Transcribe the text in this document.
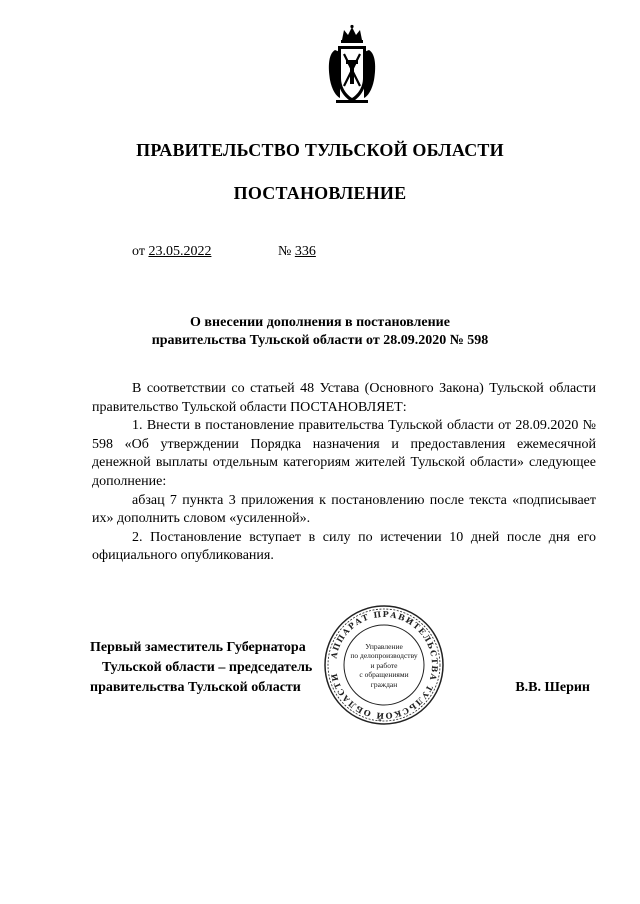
ПРАВИТЕЛЬСТВО ТУЛЬСКОЙ ОБЛАСТИ
ПОСТАНОВЛЕНИЕ
от 23.05.2022	№ 336
О внесении дополнения в постановление
правительства Тульской области от 28.09.2020 № 598

В соответствии со статьей 48 Устава (Основного Закона) Тульской области правительство Тульской области ПОСТАНОВЛЯЕТ:

1. Внести в постановление правительства Тульской области от 28.09.2020 № 598 «Об утверждении Порядка назначения и предоставления ежемесячной денежной выплаты отдельным категориям жителей Тульской области» следующее дополнение:

абзац 7 пункта 3 приложения к постановлению после текста «подписывает их» дополнить словом «усиленной».

2. Постановление вступает в силу по истечении 10 дней после дня его официального опубликования.

Первый заместитель Губернатора
Тульской области – председатель
правительства Тульской области
АППАРАТ ПРАВИТЕЛЬСТВА ТУЛЬСКОЙ ОБЛАСТИ
Управление
по делопроизводству
и работе
с обращениями
граждан	В.В. Шерин
